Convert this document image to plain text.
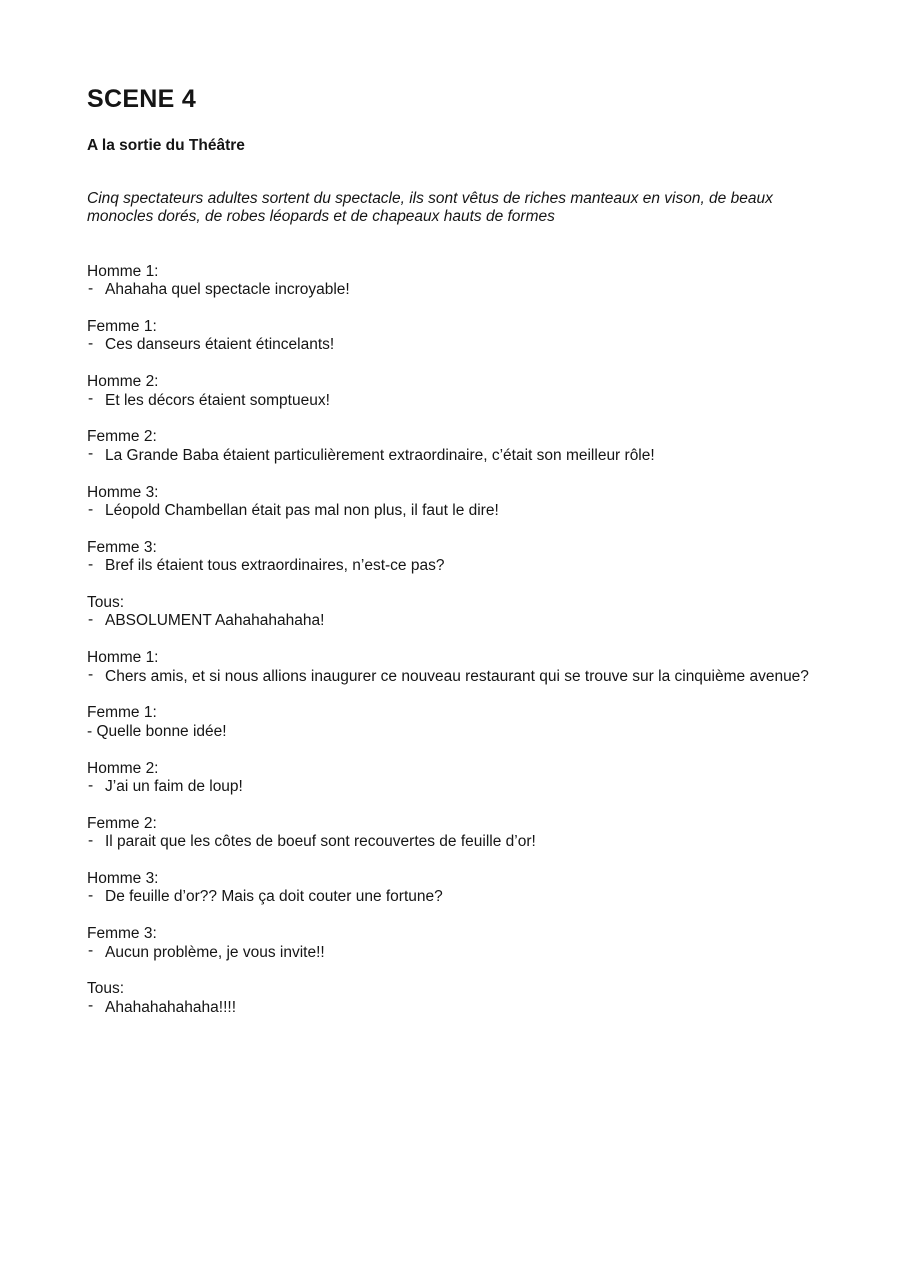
SCENE 4
A la sortie du Théâtre

Cinq spectateurs adultes sortent du spectacle, ils sont vêtus de riches manteaux en vison, de beaux monocles dorés, de robes léopards et de chapeaux hauts de formes

Homme 1:
- Ahahaha quel spectacle incroyable!
Femme 1:
- Ces danseurs étaient étincelants!
Homme 2:
- Et les décors étaient somptueux!
Femme 2:
- La Grande Baba étaient particulièrement extraordinaire, c’était son meilleur rôle!
Homme 3:
- Léopold Chambellan était pas mal non plus, il faut le dire!
Femme 3:
- Bref ils étaient tous extraordinaires, n’est-ce pas?
Tous:
- ABSOLUMENT Aahahahahaha!
Homme 1:
- Chers amis, et si nous allions inaugurer ce nouveau restaurant qui se trouve sur la cinquième avenue?
Femme 1:
- Quelle bonne idée!
Homme 2:
- J’ai un faim de loup!
Femme 2:
- Il parait que les côtes de boeuf sont recouvertes de feuille d’or!
Homme 3:
- De feuille d’or?? Mais ça doit couter une fortune?
Femme 3:
- Aucun problème, je vous invite!!
Tous:
- Ahahahahahaha!!!!
